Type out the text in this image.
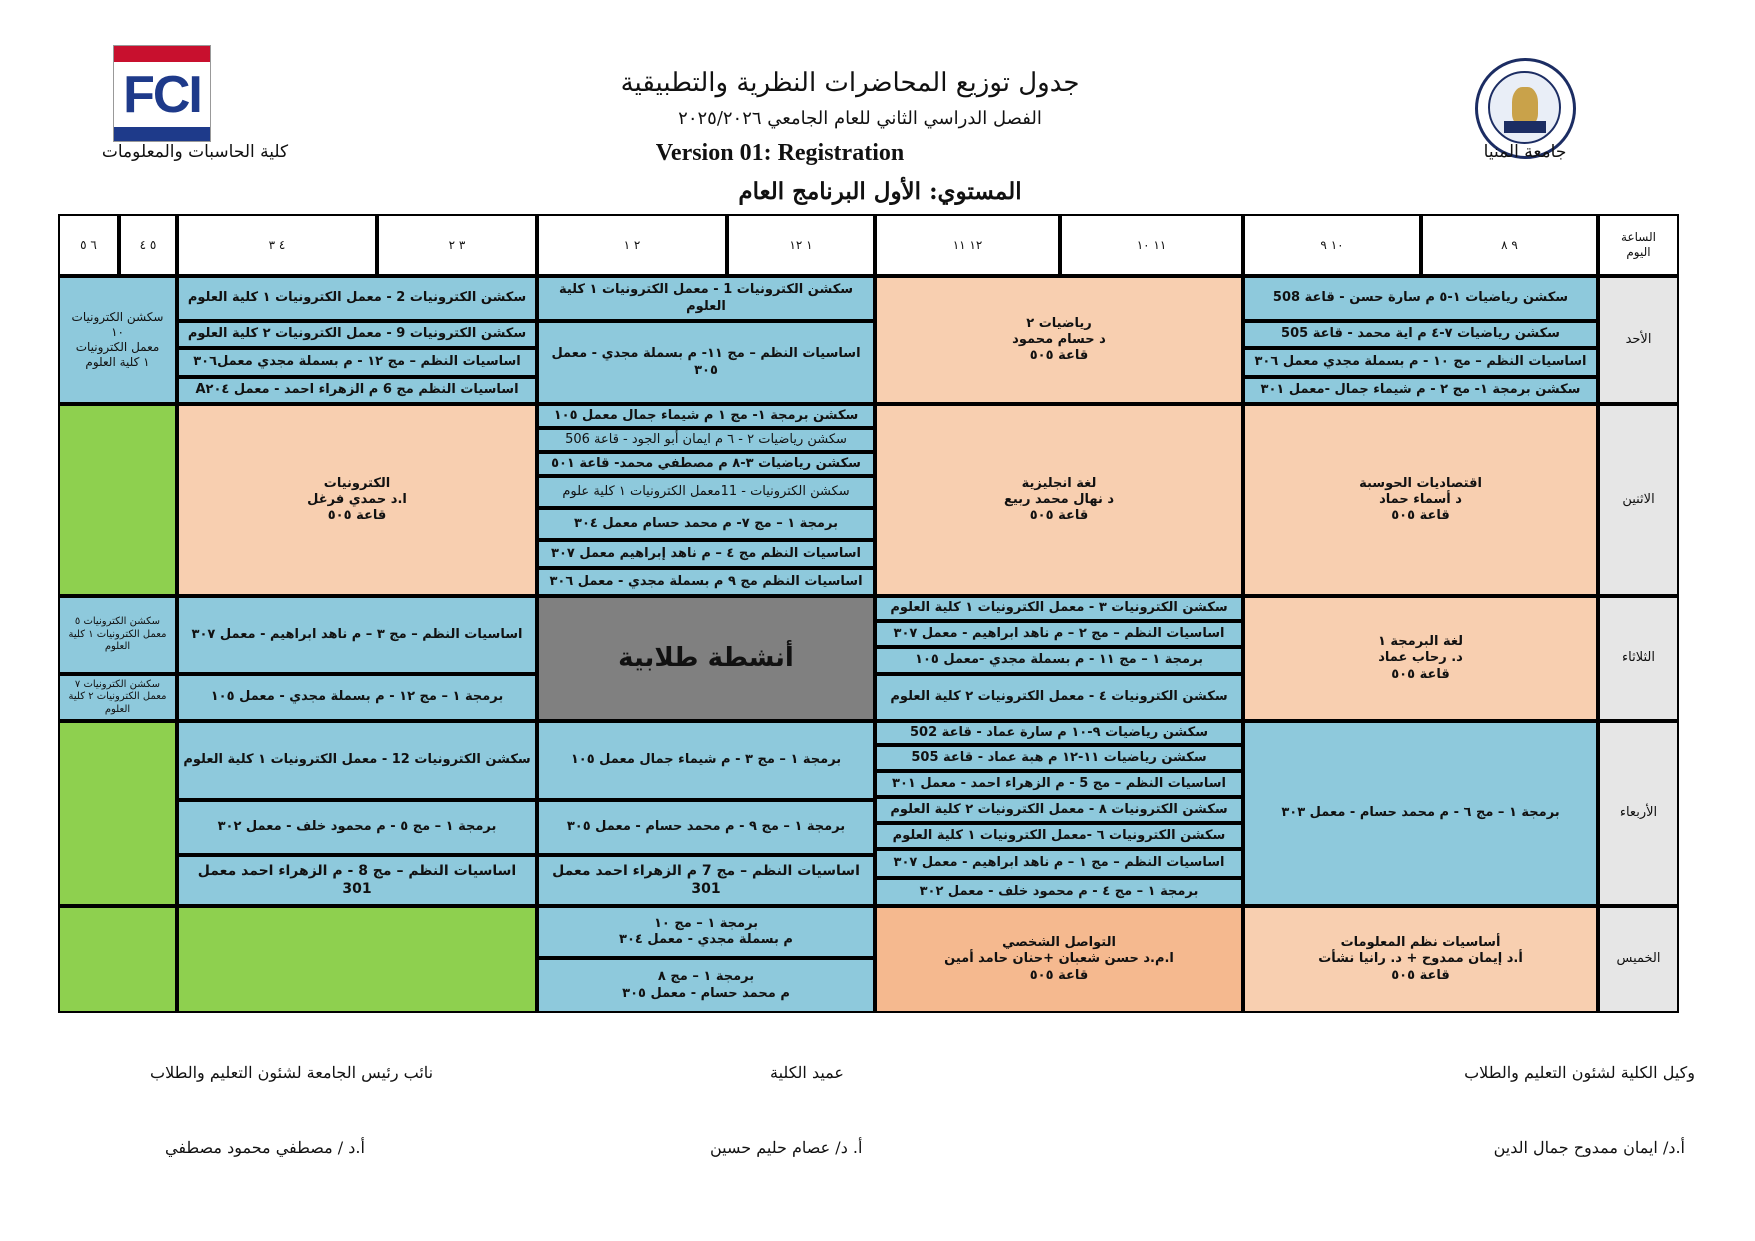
FCI	جدول توزيع المحاضرات النظرية والتطبيقية
الفصل الدراسي الثاني للعام الجامعي ٢٠٢٥/٢٠٢٦
Version 01: Registration
المستوي: الأول البرنامج العام
جامعة المنيا
كلية الحاسبات والمعلومات
الساعة
اليوم
٩ ٨
١٠ ٩
١١ ١٠
١٢ ١١
١ ١٢
٢ ١
٣ ٢
٤ ٣
٥ ٤
٦ ٥
الأحد
الاثنين
الثلاثاء
الأربعاء
الخميس
سكشن رياضيات ١-٥ م سارة حسن - قاعة 508
سكشن رياضيات ٧-٤ م اية محمد - قاعة 505
اساسيات النظم – مج ١٠ - م بسملة مجدي معمل ٣٠٦
سكشن برمجة ١- مج ٢ - م شيماء جمال -معمل ٣٠١
رياضيات ٢
د حسام محمود
قاعة ٥٠٥
سكشن الكترونيات 1 - معمل الكترونيات ١ كلية العلوم
اساسيات النظم – مج ١١- م بسملة مجدي - معمل ٣٠٥
سكشن الكترونيات 2 - معمل الكترونيات ١ كلية العلوم
سكشن الكترونيات 9 - معمل الكترونيات ٢ كلية العلوم
اساسيات النظم – مج ١٢ - م بسملة مجدي معمل٣٠٦
اساسيات النظم مج 6 م الزهراء احمد - معمل A٢٠٤
سكشن الكترونيات
١٠
معمل الكترونيات
١ كلية العلوم
اقتصاديات الحوسبة
د أسماء حماد
قاعة ٥٠٥
لغة انجليزية
د نهال محمد ربيع
قاعة ٥٠٥
سكشن برمجة ١- مج ١ م شيماء جمال معمل ١٠٥
سكشن رياضيات ٢ - ٦ م ايمان أبو الجود - قاعة 506
سكشن رياضيات ٣-٨ م مصطفي محمد- قاعة ٥٠١
سكشن الكترونيات - 11معمل الكترونيات ١ كلية علوم
برمجة ١ – مج ٧- م محمد حسام معمل ٣٠٤
اساسيات النظم مج ٤ – م ناهد إبراهيم معمل ٣٠٧
اساسيات النظم مج ٩ م بسملة مجدي - معمل ٣٠٦
الكترونيات
ا.د حمدي فرغل
قاعة ٥٠٥
لغة البرمجة ١
د. رحاب عماد
قاعة ٥٠٥
سكشن الكترونيات ٣ - معمل الكترونيات ١ كلية العلوم
اساسيات النظم – مج ٢ – م ناهد ابراهيم - معمل ٣٠٧
برمجة ١ – مج ١١ - م بسملة مجدي -معمل ١٠٥
سكشن الكترونيات ٤ - معمل الكترونيات ٢ كلية العلوم
أنشطة طلابية
اساسيات النظم – مج ٣ – م ناهد ابراهيم - معمل ٣٠٧
برمجة ١ – مج ١٢ - م بسملة مجدي - معمل ١٠٥
سكشن الكترونيات ٥ معمل الكترونيات ١ كلية العلوم
سكشن الكترونيات ٧ معمل الكترونيات ٢ كلية العلوم
برمجة ١ – مج ٦ - م محمد حسام - معمل ٣٠٣
سكشن رياضيات ٩-١٠ م سارة عماد - قاعة 502
سكشن رياضيات ١١-١٢ م هبة عماد - قاعة 505
اساسيات النظم – مج 5 - م الزهراء احمد - معمل ٣٠١
سكشن الكترونيات ٨ - معمل الكترونيات ٢ كلية العلوم
سكشن الكترونيات ٦ -معمل الكترونيات ١ كلية العلوم
اساسيات النظم – مج ١ – م ناهد ابراهيم - معمل ٣٠٧
برمجة ١ – مج ٤ - م محمود خلف - معمل ٣٠٢
برمجة ١ – مج ٣ - م شيماء جمال معمل ١٠٥
برمجة ١ – مج ٩ - م محمد حسام - معمل ٣٠٥
اساسيات النظم – مج 7 م الزهراء احمد معمل 301
سكشن الكترونيات 12 - معمل الكترونيات ١ كلية العلوم
برمجة ١ – مج ٥ - م محمود خلف - معمل ٣٠٢
اساسيات النظم – مج 8 - م الزهراء احمد معمل 301
أساسيات نظم المعلومات
أ.د إيمان ممدوح + د. رانيا نشأت
قاعة ٥٠٥
التواصل الشخصي
ا.م.د حسن شعبان +حنان حامد أمين
قاعة ٥٠٥
برمجة ١ – مج ١٠
م بسملة مجدي - معمل ٣٠٤
برمجة ١ – مج ٨
م محمد حسام - معمل ٣٠٥
وكيل الكلية لشئون التعليم والطلاب
أ.د/ ايمان ممدوح جمال الدين
عميد الكلية
أ. د/ عصام حليم حسين
نائب رئيس الجامعة لشئون التعليم والطلاب
أ.د / مصطفي محمود مصطفي
